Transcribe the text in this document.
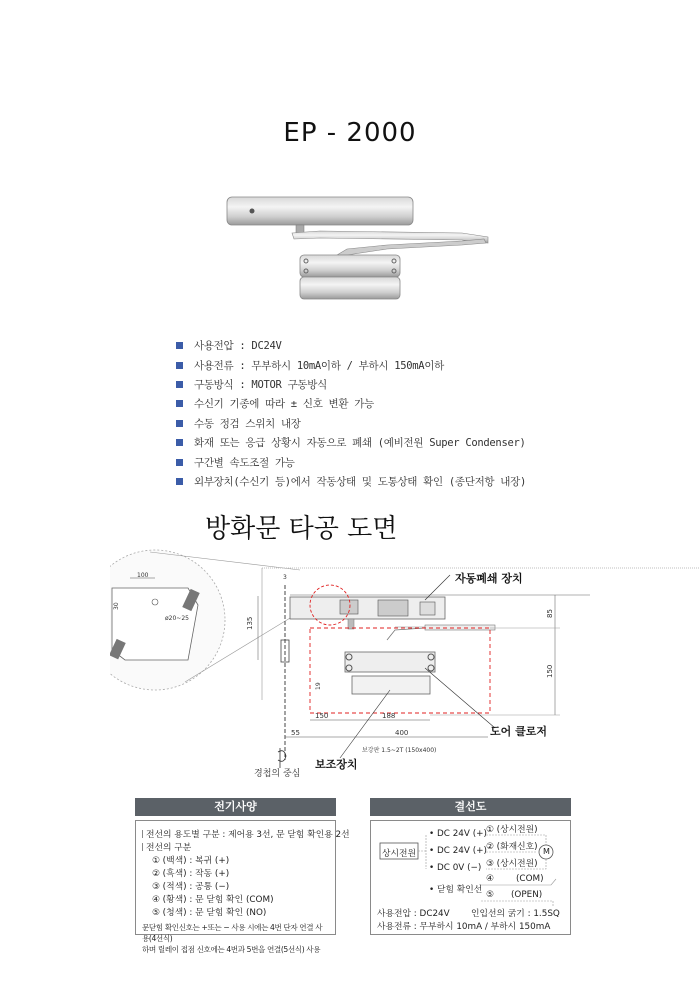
EP - 2000
사용전압 : DC24V
사용전류 : 무부하시 10mA이하 / 부하시 150mA이하
구동방식 : MOTOR 구동방식
수신기 기종에 따라 ± 신호 변환 가능
수동 정검 스위치 내장
화재 또는 응급 상황시 자동으로 폐쇄 (예비전원 Super Condenser)
구간별 속도조절 가능
외부장치(수신기 등)에서 작동상태 및 도통상태 확인 (종단저항 내장)
방화문 타공 도면
100
ø20~25
30
3
135
19
150	188
55	400
보강판 1.5~2T (150x400)
85
150
자동폐쇄 장치
도어 클로저
보조장치
경첩의 중심
전기사양
전선의 용도별 구분 : 제어용 3선, 문 닫힘 확인용 2선
전선의 구분
① (백색) : 복귀 (+)
② (흑색) : 작동 (+)
③ (적색) : 공통 (−)
④ (황색) : 문 닫힘 확인 (COM)
⑤ (청색) : 문 닫힘 확인 (NO)
문닫힘 확인신호는 +또는 − 사용 시에는 4번 단자 연결 사용(4선식)
하며 릴레이 접점 신호에는 4번과 5번을 연결(5선식) 사용
결선도
상시전원
• DC 24V (+)
• DC 24V (+)
• DC 0V (−)
① (상시전원)
② (화재신호)
③ (상시전원)
M
④	(COM)
• 닫힘 확인선 ⑤ (OPEN)
사용전압 : DC24V 인입선의 굵기 : 1.5SQ
사용전류 : 무부하시 10mA / 부하시 150mA
